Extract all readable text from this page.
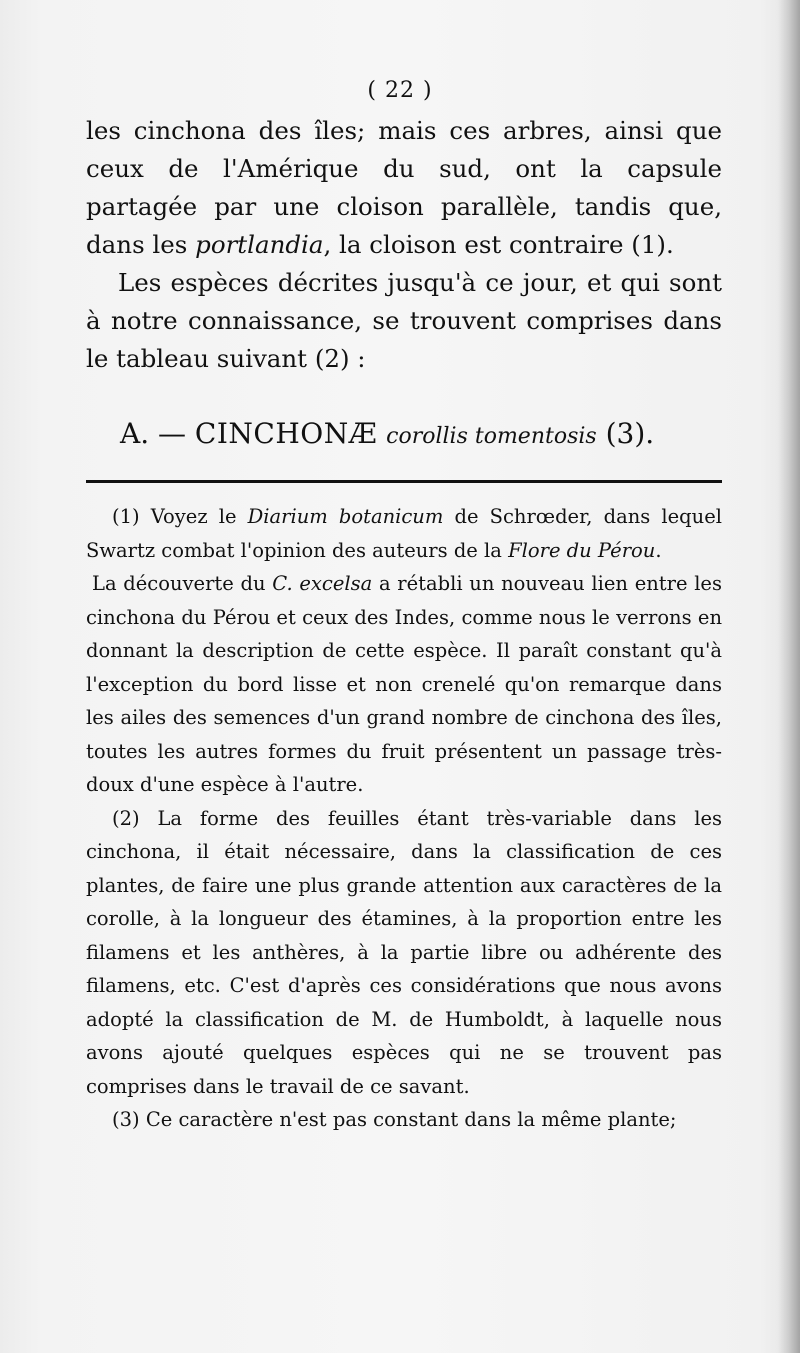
( 22 )

les cinchona des îles; mais ces arbres, ainsi que ceux de l'Amérique du sud, ont la capsule partagée par une cloison parallèle, tandis que, dans les portlandia, la cloison est contraire (1).

Les espèces décrites jusqu'à ce jour, et qui sont à notre connaissance, se trouvent comprises dans le tableau suivant (2) :

A. — CINCHONÆ corollis tomentosis (3).

(1) Voyez le Diarium botanicum de Schrœder, dans lequel Swartz combat l'opinion des auteurs de la Flore du Pérou.

La découverte du C. excelsa a rétabli un nouveau lien entre les cinchona du Pérou et ceux des Indes, comme nous le verrons en donnant la description de cette espèce. Il paraît constant qu'à l'exception du bord lisse et non crenelé qu'on remarque dans les ailes des semences d'un grand nombre de cinchona des îles, toutes les autres formes du fruit présentent un passage très-doux d'une espèce à l'autre.

(2) La forme des feuilles étant très-variable dans les cinchona, il était nécessaire, dans la classification de ces plantes, de faire une plus grande attention aux caractères de la corolle, à la longueur des étamines, à la proportion entre les filamens et les anthères, à la partie libre ou adhérente des filamens, etc. C'est d'après ces considérations que nous avons adopté la classification de M. de Humboldt, à laquelle nous avons ajouté quelques espèces qui ne se trouvent pas comprises dans le travail de ce savant.

(3) Ce caractère n'est pas constant dans la même plante;
